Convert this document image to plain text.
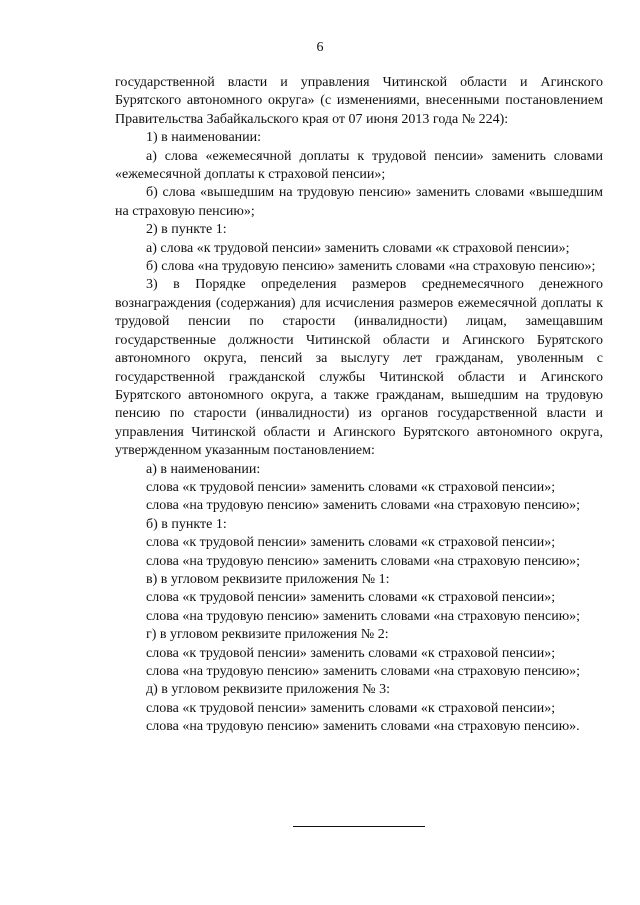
6

государственной власти и управления Читинской области и Агинского Бурятского автономного округа» (с изменениями, внесенными постановлением Правительства Забайкальского края от 07 июня 2013 года № 224):

1) в наименовании:

а) слова «ежемесячной доплаты к трудовой пенсии» заменить словами «ежемесячной доплаты к страховой пенсии»;

б) слова «вышедшим на трудовую пенсию» заменить словами «вышедшим на страховую пенсию»;

2) в пункте 1:

а) слова «к трудовой пенсии» заменить словами «к страховой пенсии»;

б) слова «на трудовую пенсию» заменить словами «на страховую пенсию»;

3) в Порядке определения размеров среднемесячного денежного вознаграждения (содержания) для исчисления размеров ежемесячной доплаты к трудовой пенсии по старости (инвалидности) лицам, замещавшим государственные должности Читинской области и Агинского Бурятского автономного округа, пенсий за выслугу лет гражданам, уволенным с государственной гражданской службы Читинской области и Агинского Бурятского автономного округа, а также гражданам, вышедшим на трудовую пенсию по старости (инвалидности) из органов государственной власти и управления Читинской области и Агинского Бурятского автономного округа, утвержденном указанным постановлением:

а) в наименовании:

слова «к трудовой пенсии» заменить словами «к страховой пенсии»;

слова «на трудовую пенсию» заменить словами «на страховую пенсию»;

б) в пункте 1:

слова «к трудовой пенсии» заменить словами «к страховой пенсии»;

слова «на трудовую пенсию» заменить словами «на страховую пенсию»;

в) в угловом реквизите приложения № 1:

слова «к трудовой пенсии» заменить словами «к страховой пенсии»;

слова «на трудовую пенсию» заменить словами «на страховую пенсию»;

г) в угловом реквизите приложения № 2:

слова «к трудовой пенсии» заменить словами «к страховой пенсии»;

слова «на трудовую пенсию» заменить словами «на страховую пенсию»;

д) в угловом реквизите приложения № 3:

слова «к трудовой пенсии» заменить словами «к страховой пенсии»;

слова «на трудовую пенсию» заменить словами «на страховую пенсию».
